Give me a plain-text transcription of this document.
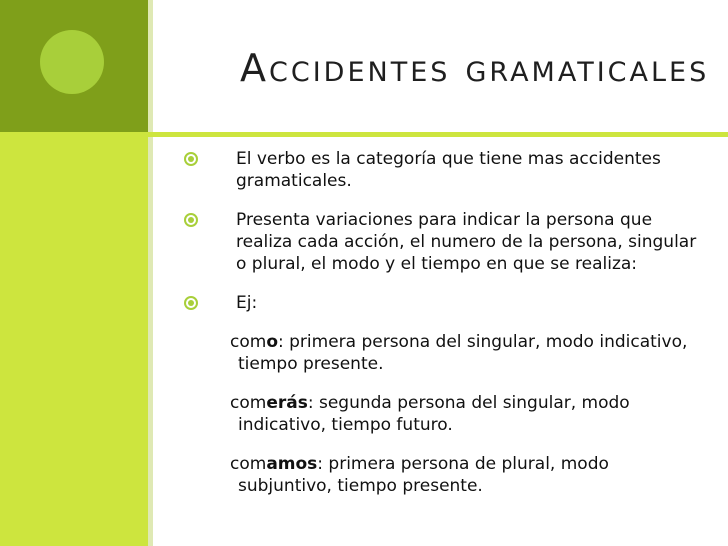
Accidentes gramaticales
El verbo es la categoría que tiene mas accidentes gramaticales.
Presenta variaciones para indicar la persona que realiza cada acción, el numero de la persona, singular o plural, el modo y el tiempo en que se realiza:
Ej:
como: primera persona del singular, modo indicativo, tiempo presente.
comerás: segunda persona del singular, modo indicativo, tiempo futuro.
comamos: primera persona de plural, modo subjuntivo, tiempo presente.
